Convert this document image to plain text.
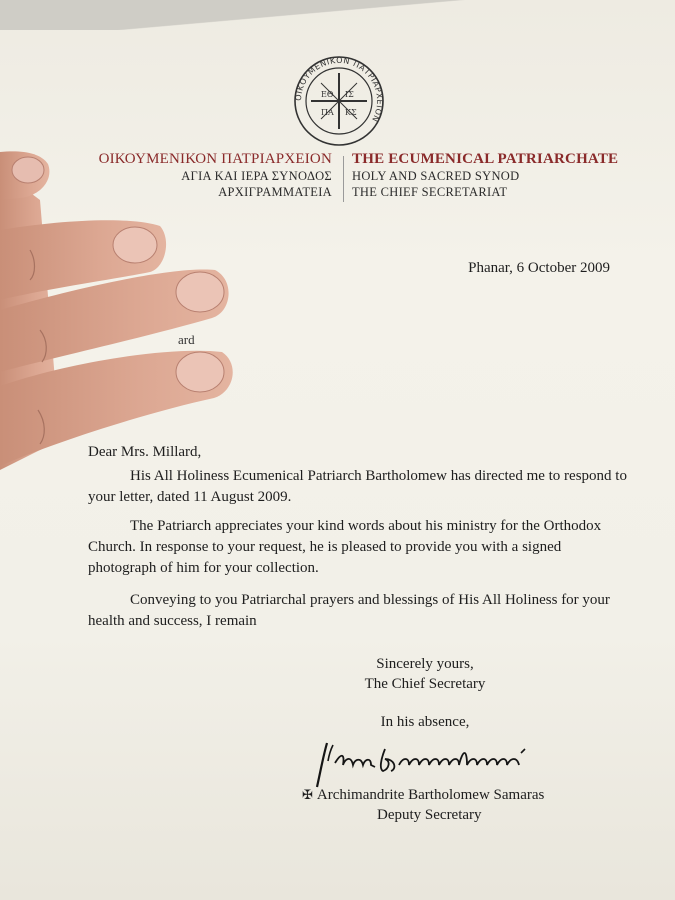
ΟΙΚΟΥΜΕΝΙΚΟΝ ΠΑΤΡΙΑΡΧΕΙΟΝ
ΕΘ ΙΣ
ΠΑ ΚΣ
ΟΙΚΟΥΜΕΝΙΚΟΝ ΠΑΤΡΙΑΡΧΕΙΟΝ
ΑΓΙΑ ΚΑΙ ΙΕΡΑ ΣΥΝΟΔΟΣ
ΑΡΧΙΓΡΑΜΜΑΤΕΙΑ
THE ECUMENICAL PATRIARCHATE
HOLY AND SACRED SYNOD
THE CHIEF SECRETARIAT
Phanar, 6 October 2009
ard
Dear Mrs. Millard,
His All Holiness Ecumenical Patriarch Bartholomew has directed me to respond to your letter, dated 11 August 2009.
The Patriarch appreciates your kind words about his ministry for the Orthodox Church. In response to your request, he is pleased to provide you with a signed photograph of him for your collection.
Conveying to you Patriarchal prayers and blessings of His All Holiness for your health and success, I remain
Sincerely yours,
The Chief Secretary
In his absence,
✠ Archimandrite Bartholomew Samaras
Deputy Secretary
